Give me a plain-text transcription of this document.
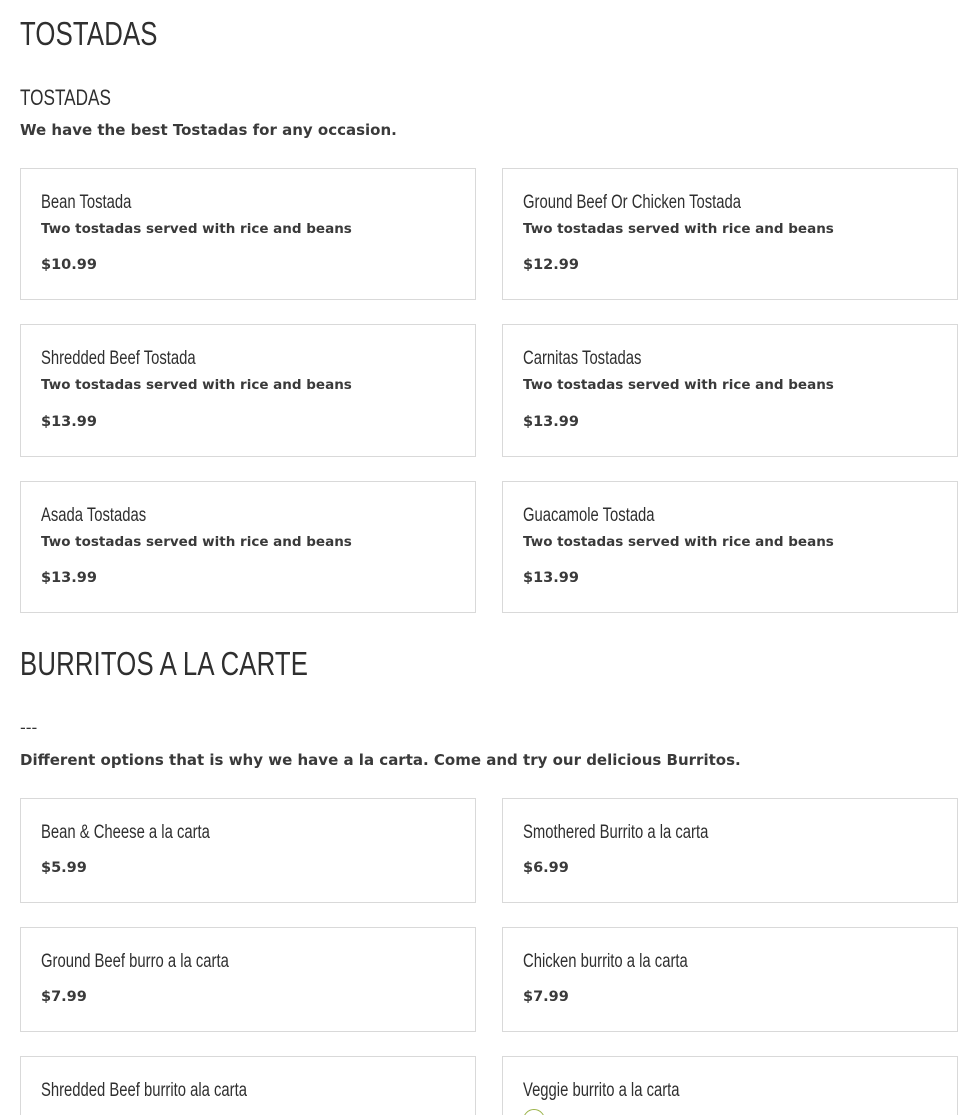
TOSTADAS
TOSTADAS
We have the best Tostadas for any occasion.
Bean Tostada
Two tostadas served with rice and beans
$10.99
Ground Beef Or Chicken Tostada
Two tostadas served with rice and beans
$12.99
Shredded Beef Tostada
Two tostadas served with rice and beans
$13.99
Carnitas Tostadas
Two tostadas served with rice and beans
$13.99
Asada Tostadas
Two tostadas served with rice and beans
$13.99
Guacamole Tostada
Two tostadas served with rice and beans
$13.99
BURRITOS A LA CARTE
---
Different options that is why we have a la carta. Come and try our delicious Burritos.
Bean & Cheese a la carta
$5.99
Smothered Burrito a la carta
$6.99
Ground Beef burro a la carta
$7.99
Chicken burrito a la carta
$7.99
Shredded Beef burrito ala carta	Veggie burrito a la carta
